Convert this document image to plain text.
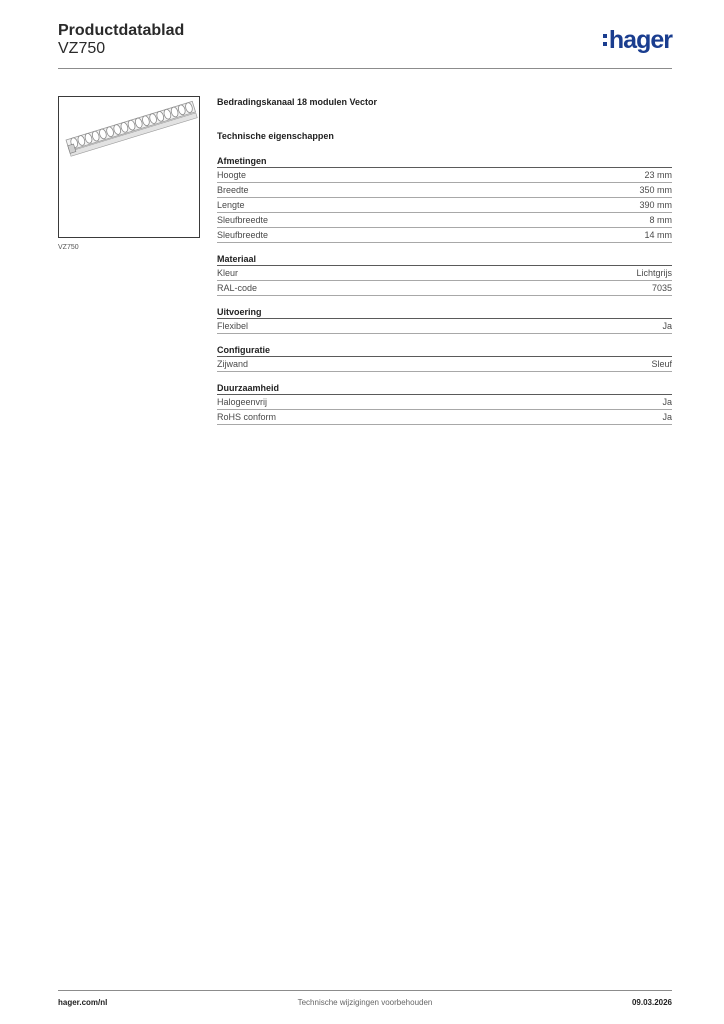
Productdatablad
VZ750	hager
VZ750
Bedradingskanaal 18 modulen Vector
Technische eigenschappen
Afmetingen
Hoogte	23 mm
Breedte	350 mm
Lengte	390 mm
Sleufbreedte	8 mm
Sleufbreedte	14 mm
Materiaal
Kleur	Lichtgrijs
RAL-code	7035
Uitvoering
Flexibel	Ja
Configuratie
Zijwand	Sleuf
Duurzaamheid
Halogeenvrij	Ja
RoHS conform	Ja
Technische wijzigingen voorbehouden
hager.com/nl	09.03.2026
